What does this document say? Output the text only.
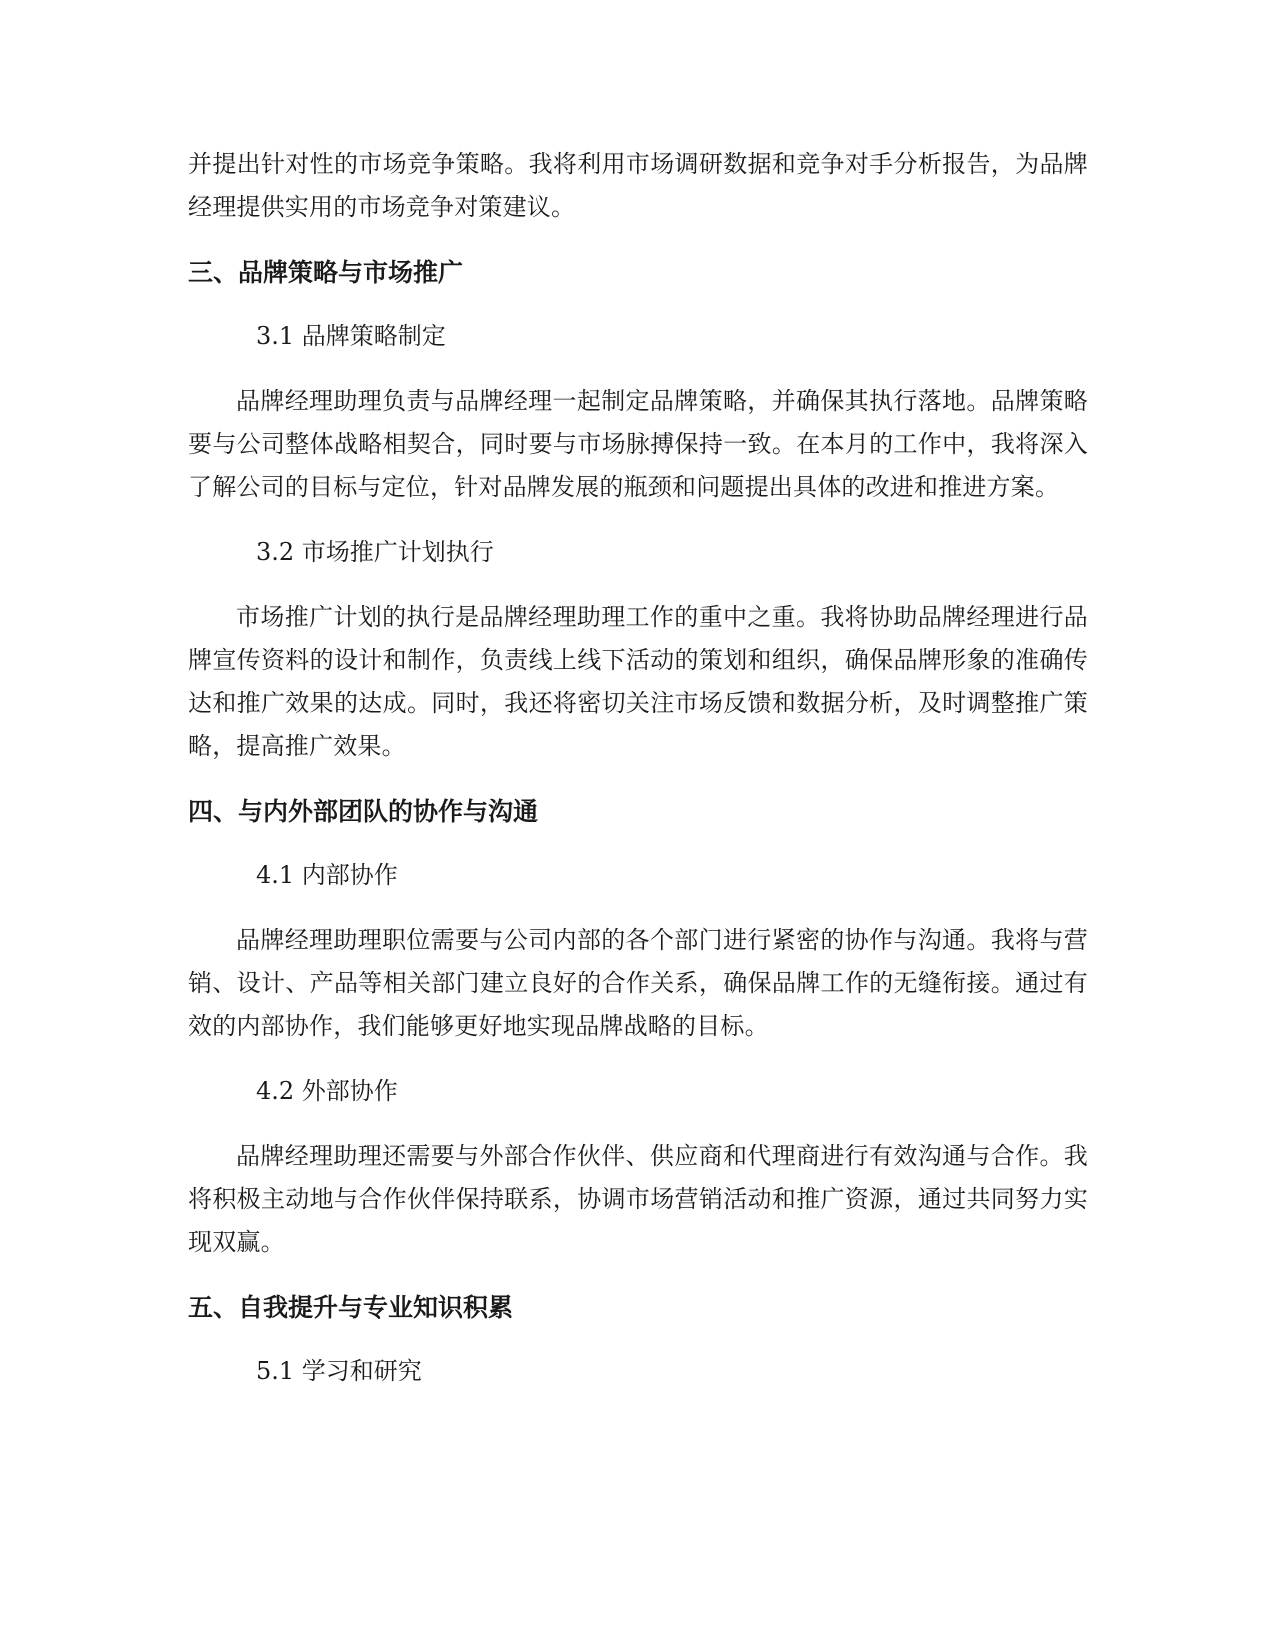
并提出针对性的市场竞争策略。我将利用市场调研数据和竞争对手分析报告，为品牌经理提供实用的市场竞争对策建议。

三、品牌策略与市场推广

3.1 品牌策略制定

品牌经理助理负责与品牌经理一起制定品牌策略，并确保其执行落地。品牌策略要与公司整体战略相契合，同时要与市场脉搏保持一致。在本月的工作中，我将深入了解公司的目标与定位，针对品牌发展的瓶颈和问题提出具体的改进和推进方案。

3.2 市场推广计划执行

市场推广计划的执行是品牌经理助理工作的重中之重。我将协助品牌经理进行品牌宣传资料的设计和制作，负责线上线下活动的策划和组织，确保品牌形象的准确传达和推广效果的达成。同时，我还将密切关注市场反馈和数据分析，及时调整推广策略，提高推广效果。

四、与内外部团队的协作与沟通

4.1 内部协作

品牌经理助理职位需要与公司内部的各个部门进行紧密的协作与沟通。我将与营销、设计、产品等相关部门建立良好的合作关系，确保品牌工作的无缝衔接。通过有效的内部协作，我们能够更好地实现品牌战略的目标。

4.2 外部协作

品牌经理助理还需要与外部合作伙伴、供应商和代理商进行有效沟通与合作。我将积极主动地与合作伙伴保持联系，协调市场营销活动和推广资源，通过共同努力实现双赢。

五、自我提升与专业知识积累

5.1 学习和研究
